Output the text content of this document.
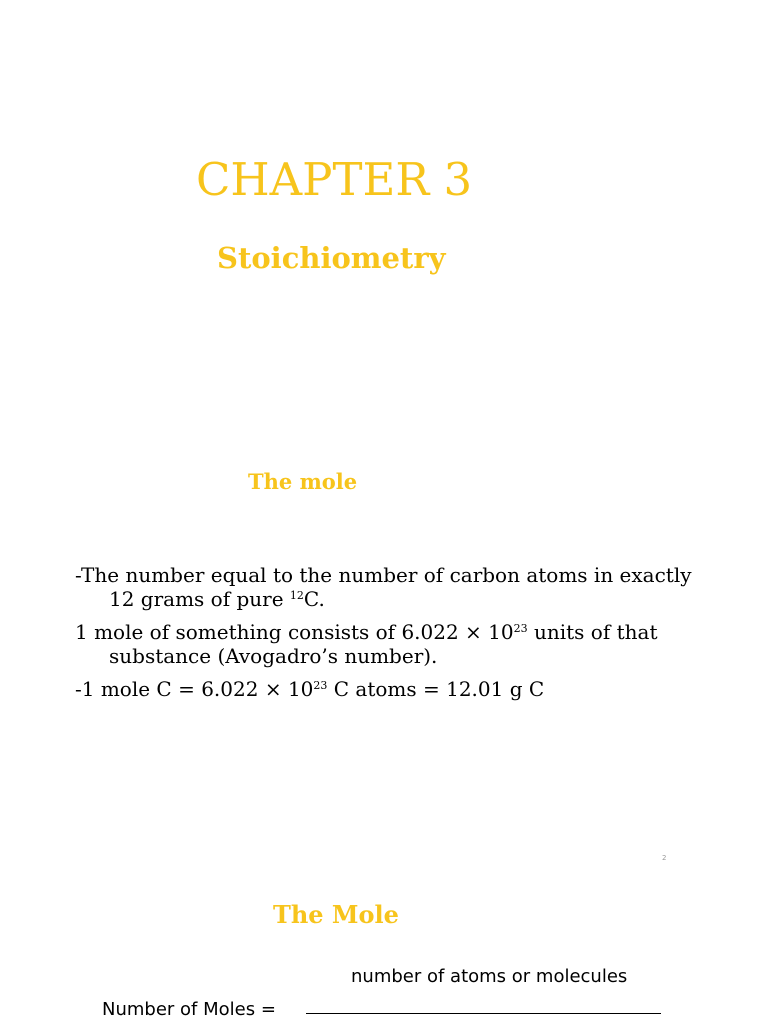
CHAPTER 3
Stoichiometry
The mole

-The number equal to the number of carbon atoms in exactly 12 grams of pure $^{12}$C.

1 mole of something consists of $6.022 \times 10^{23}$ units of that substance (Avogadro’s number).

-1 mole $C = 6.022 \times 10^{23}$ C atoms = 12.01 g C

2
The Mole
number of atoms or molecules
Number of Moles =
